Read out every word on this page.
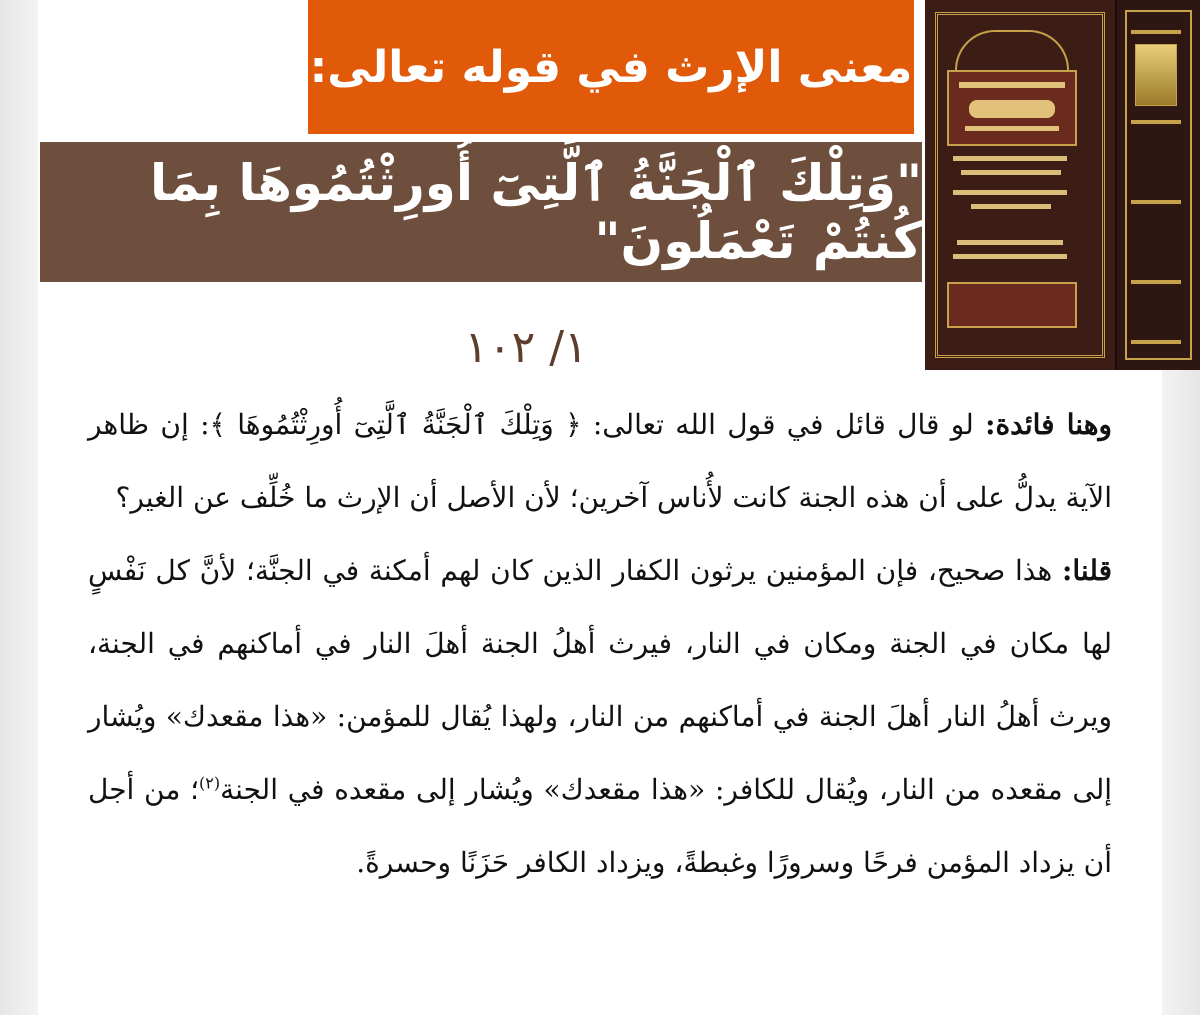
معنى الإرث في قوله تعالى:
"وَتِلْكَ ٱلْجَنَّةُ ٱلَّتِىٓ أُورِثْتُمُوهَا بِمَا كُنتُمْ تَعْمَلُونَ"
١/ ١٠٢

وهنا فائدة: لو قال قائل في قول الله تعالى: ﴿ وَتِلْكَ ٱلْجَنَّةُ ٱلَّتِىٓ أُورِثْتُمُوهَا ﴾: إن ظاهر الآية يدلُّ على أن هذه الجنة كانت لأُناس آخرين؛ لأن الأصل أن الإرث ما خُلِّف عن الغير؟

قلنا: هذا صحيح، فإن المؤمنين يرثون الكفار الذين كان لهم أمكنة في الجنَّة؛ لأنَّ كل نَفْسٍ لها مكان في الجنة ومكان في النار، فيرث أهلُ الجنة أهلَ النار في أماكنهم في الجنة، ويرث أهلُ النار أهلَ الجنة في أماكنهم من النار، ولهذا يُقال للمؤمن: «هذا مقعدك» ويُشار إلى مقعده من النار، ويُقال للكافر: «هذا مقعدك» ويُشار إلى مقعده في الجنة$^{(٢)}$؛ من أجل أن يزداد المؤمن فرحًا وسرورًا وغبطةً، ويزداد الكافر حَزَنًا وحسرةً.
